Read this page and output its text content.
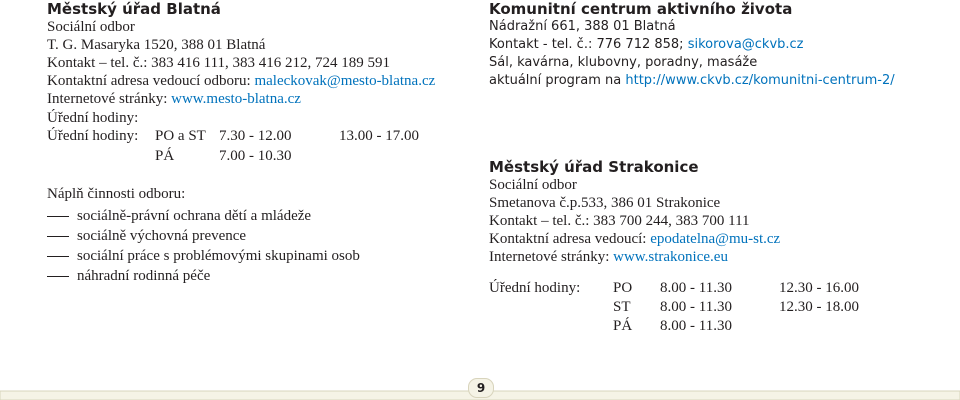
Městský úřad Blatná

Sociální odbor

T. G. Masaryka 1520, 388 01 Blatná

Kontakt – tel. č.: 383 416 111, 383 416 212, 724 189 591

Kontaktní adresa vedoucí odboru: maleckovak@mesto-blatna.cz

Internetové stránky: www.mesto-blatna.cz

Úřední hodiny:
Úřední hodiny: PO a ST 7.30 - 12.00	13.00 - 17.00
PÁ	7.00 - 10.30
Náplň činnosti odboru:
sociálně-právní ochrana dětí a mládeže
sociálně výchovná prevence
sociální práce s problémovými skupinami osob
náhradní rodinná péče

Komunitní centrum aktivního života

Nádražní 661, 388 01 Blatná

Kontakt - tel. č.: 776 712 858; sikorova@ckvb.cz

Sál, kavárna, klubovny, poradny, masáže

aktuální program na http://www.ckvb.cz/komunitni-centrum-2/

Městský úřad Strakonice

Sociální odbor

Smetanova č.p.533, 386 01 Strakonice

Kontakt – tel. č.: 383 700 244, 383 700 111

Kontaktní adresa vedoucí: epodatelna@mu-st.cz

Internetové stránky: www.strakonice.eu

Úřední hodiny: PO 8.00 - 11.30	12.30 - 16.00
ST 8.00 - 11.30	12.30 - 18.00
PÁ 8.00 - 11.30
9
